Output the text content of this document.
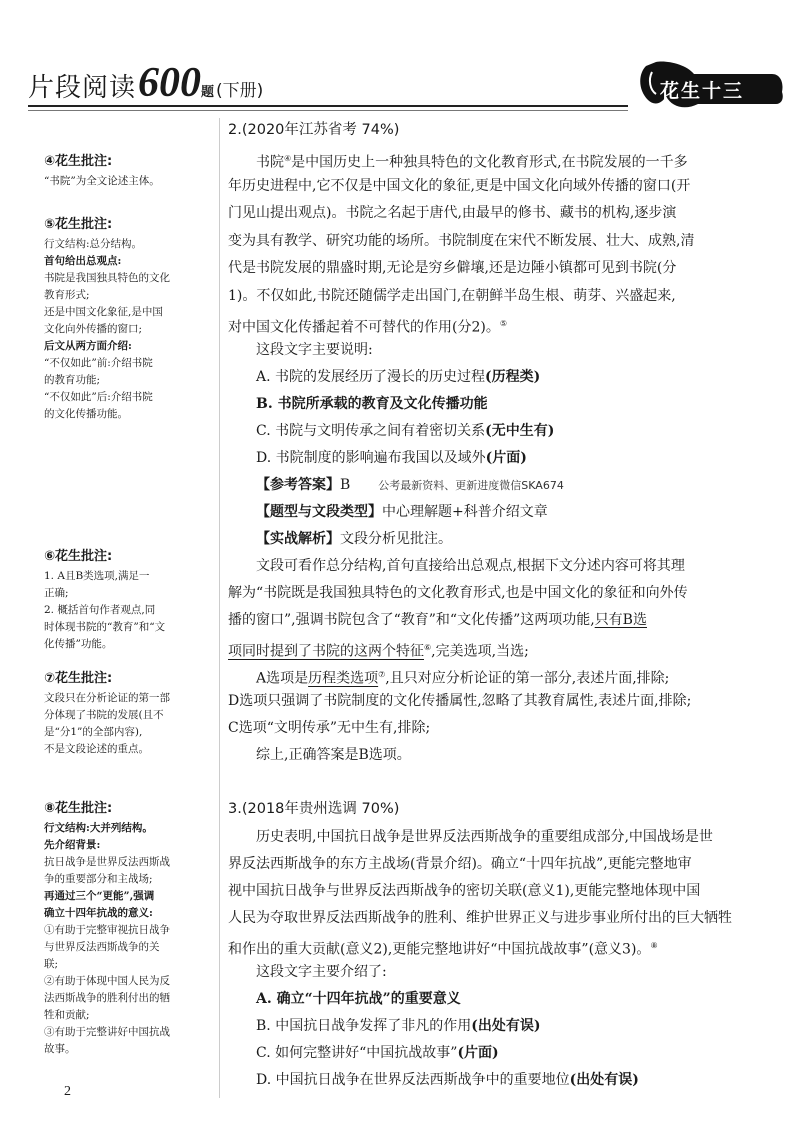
片段阅读600题 (下册)	花生十三
④花生批注:
“书院”为全文论述主体。
⑤花生批注:
行文结构:总分结构。
首句给出总观点:
书院是我国独具特色的文化
教育形式;
还是中国文化象征,是中国
文化向外传播的窗口;
后文从两方面介绍:
“不仅如此”前:介绍书院
的教育功能;
“不仅如此”后:介绍书院
的文化传播功能。
⑥花生批注:
1. A且B类选项,满足一
正确;
2. 概括首句作者观点,同
时体现书院的“教育”和“文
化传播”功能。
⑦花生批注:
文段只在分析论证的第一部
分体现了书院的发展(且不
是“分1”的全部内容),
不是文段论述的重点。
⑧花生批注:
行文结构:大并列结构。
先介绍背景:
抗日战争是世界反法西斯战
争的重要部分和主战场;
再通过三个“更能”,强调
确立十四年抗战的意义:
①有助于完整审视抗日战争
与世界反法西斯战争的关
联;
②有助于体现中国人民为反
法西斯战争的胜利付出的牺
牲和贡献;
③有助于完整讲好中国抗战
故事。
2.(2020年江苏省考 74%)
书院④是中国历史上一种独具特色的文化教育形式,在书院发展的一千多
年历史进程中,它不仅是中国文化的象征,更是中国文化向域外传播的窗口(开
门见山提出观点)。书院之名起于唐代,由最早的修书、藏书的机构,逐步演
变为具有教学、研究功能的场所。书院制度在宋代不断发展、壮大、成熟,清
代是书院发展的鼎盛时期,无论是穷乡僻壤,还是边陲小镇都可见到书院(分
1)。不仅如此,书院还随儒学走出国门,在朝鲜半岛生根、萌芽、兴盛起来,
对中国文化传播起着不可替代的作用(分2)。⑤
这段文字主要说明:
A. 书院的发展经历了漫长的历史过程(历程类)
B. 书院所承载的教育及文化传播功能
C. 书院与文明传承之间有着密切关系(无中生有)
D. 书院制度的影响遍布我国以及域外(片面)
【参考答案】B	公考最新资料、更新进度微信SKA674
【题型与文段类型】中心理解题+科普介绍文章
【实战解析】文段分析见批注。
文段可看作总分结构,首句直接给出总观点,根据下文分述内容可将其理
解为“书院既是我国独具特色的文化教育形式,也是中国文化的象征和向外传
播的窗口”,强调书院包含了“教育”和“文化传播”这两项功能,只有B选
项同时提到了书院的这两个特征⑥,完美选项,当选;
A选项是历程类选项⑦,且只对应分析论证的第一部分,表述片面,排除;
D选项只强调了书院制度的文化传播属性,忽略了其教育属性,表述片面,排除;
C选项“文明传承”无中生有,排除;
综上,正确答案是B选项。
3.(2018年贵州选调 70%)
历史表明,中国抗日战争是世界反法西斯战争的重要组成部分,中国战场是世
界反法西斯战争的东方主战场(背景介绍)。确立“十四年抗战”,更能完整地审
视中国抗日战争与世界反法西斯战争的密切关联(意义1),更能完整地体现中国
人民为夺取世界反法西斯战争的胜利、维护世界正义与进步事业所付出的巨大牺牲
和作出的重大贡献(意义2),更能完整地讲好“中国抗战故事”(意义3)。⑧
这段文字主要介绍了:
A. 确立“十四年抗战”的重要意义
B. 中国抗日战争发挥了非凡的作用(出处有误)
C. 如何完整讲好“中国抗战故事”(片面)
D. 中国抗日战争在世界反法西斯战争中的重要地位(出处有误)
2
